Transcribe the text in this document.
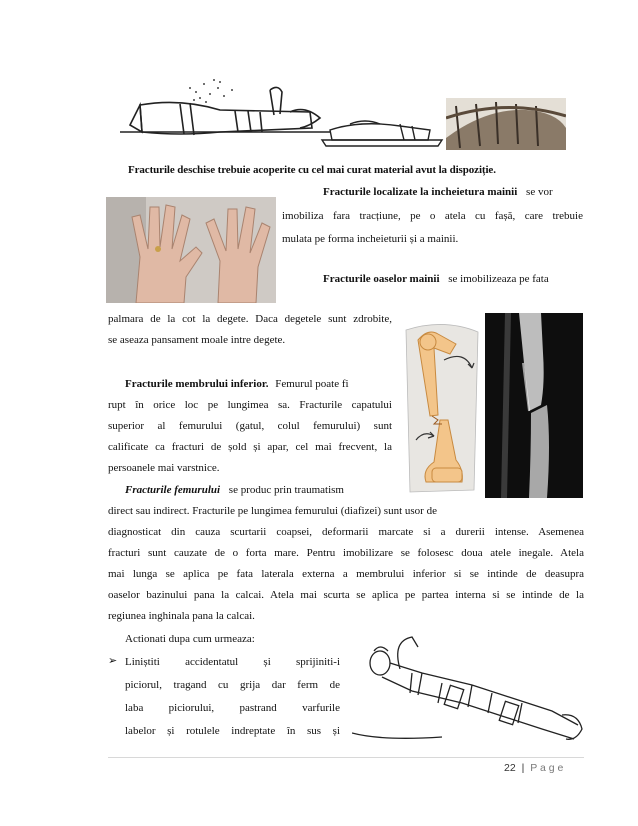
Fracturile deschise trebuie acoperite cu cel mai curat material avut la dispoziție.
Fracturile localizate la incheietura mainii se vor
imobiliza fara tracțiune, pe o atela cu fașă, care trebuie
mulata pe forma incheieturii și a mainii.
Fracturile oaselor mainii se imobilizeaza pe fata
palmara de la cot la degete. Daca degetele sunt zdrobite,
se aseaza pansament moale intre degete.
Fracturile membrului inferior. Femurul poate fi
rupt în orice loc pe lungimea sa. Fracturile capatului
superior al femurului (gatul, colul femurului) sunt
calificate ca fracturi de șold și apar, cel mai frecvent, la
persoanele mai varstnice.
Fracturile femurului se produc prin traumatism
direct sau indirect. Fracturile pe lungimea femurului (diafizei) sunt usor de
diagnosticat din cauza scurtarii coapsei, deformarii marcate si a durerii intense. Asemenea
fracturi sunt cauzate de o forta mare. Pentru imobilizare se folosesc doua atele inegale. Atela
mai lunga se aplica pe fata laterala externa a membrului inferior si se intinde de deasupra
oaselor bazinului pana la calcai. Atela mai scurta se aplica pe partea interna si se intinde de la
regiunea inghinala pana la calcai.
Actionati dupa cum urmeaza:
➢ Liniștiti accidentatul și sprijiniti-i
piciorul, tragand cu grija dar ferm de
laba piciorului, pastrand varfurile
labelor și rotulele indreptate în sus și
22 | P a g e
